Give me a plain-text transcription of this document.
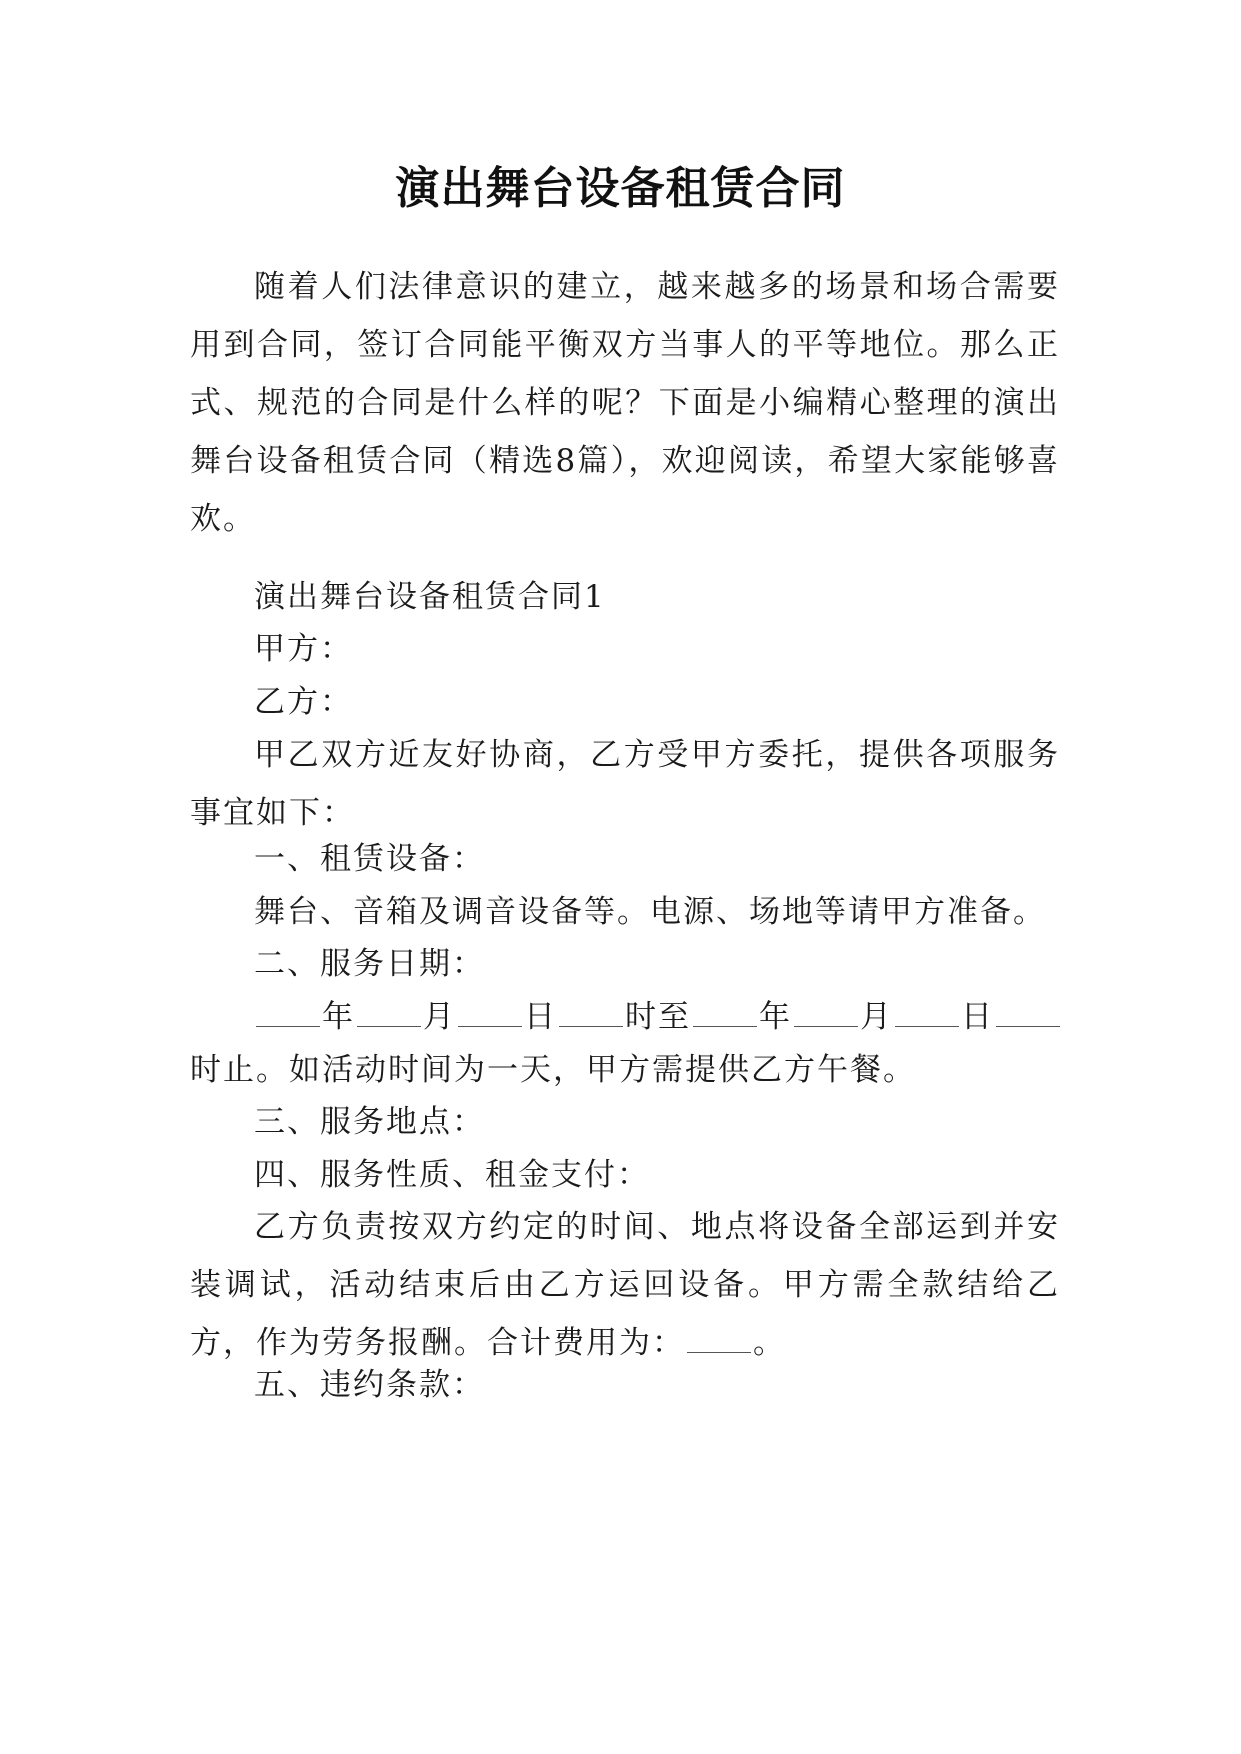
演出舞台设备租赁合同
随着人们法律意识的建立，越来越多的场景和场合需要用到合同，签订合同能平衡双方当事人的平等地位。那么正式、规范的合同是什么样的呢？下面是小编精心整理的演出舞台设备租赁合同（精选8篇），欢迎阅读，希望大家能够喜欢。
演出舞台设备租赁合同1
甲方：
乙方：
甲乙双方近友好协商，乙方受甲方委托，提供各项服务事宜如下：
一、租赁设备：
舞台、音箱及调音设备等。电源、场地等请甲方准备。
二、服务日期：
年 月 日 时至 年 月 日
时止。如活动时间为一天，甲方需提供乙方午餐。
三、服务地点：
四、服务性质、租金支付：
乙方负责按双方约定的时间、地点将设备全部运到并安装调试，活动结束后由乙方运回设备。甲方需全款结给乙方，作为劳务报酬。合计费用为： 。
五、违约条款：
